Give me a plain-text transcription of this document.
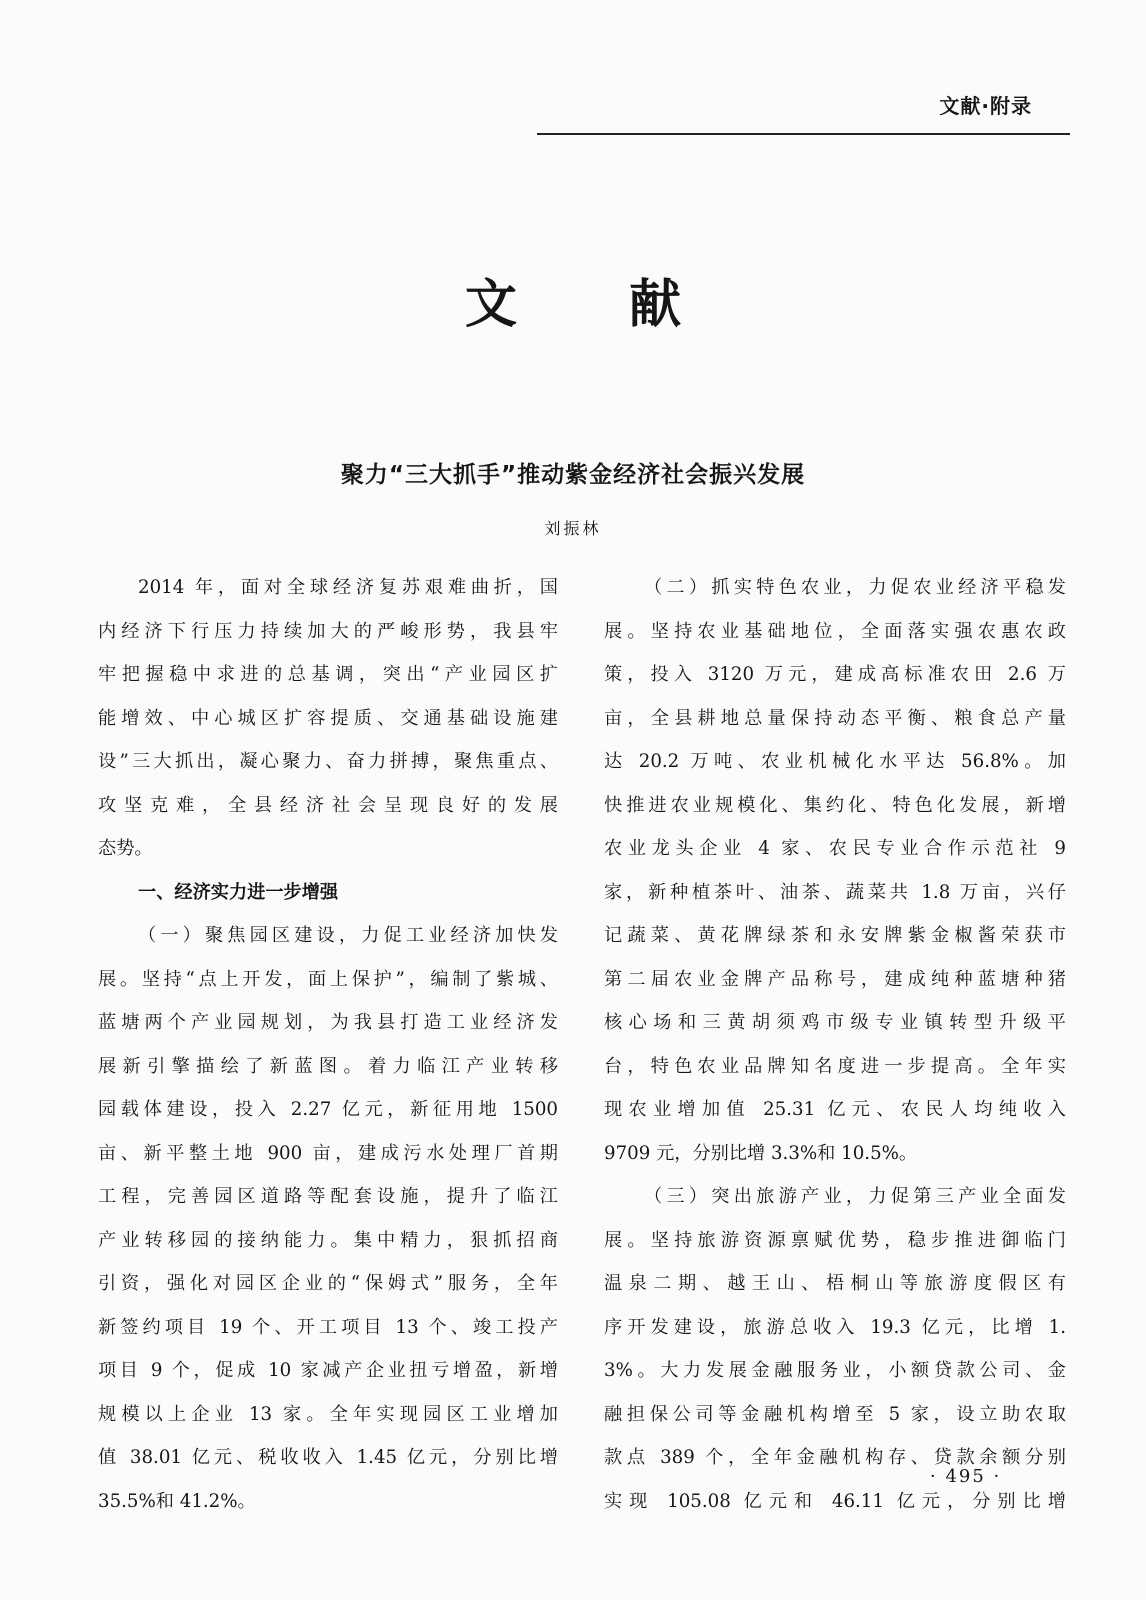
文献·附录
文献
聚力“三大抓手”推动紫金经济社会振兴发展
刘振林

2014 年，面对全球经济复苏艰难曲折，国
内经济下行压力持续加大的严峻形势，我县牢
牢把握稳中求进的总基调，突出“产业园区扩
能增效、中心城区扩容提质、交通基础设施建
设”三大抓出，凝心聚力、奋力拼搏，聚焦重点、
攻坚克难，全县经济社会呈现良好的发展
态势。

一、经济实力进一步增强

（一）聚焦园区建设，力促工业经济加快发
展。坚持“点上开发，面上保护”，编制了紫城、
蓝塘两个产业园规划，为我县打造工业经济发
展新引擎描绘了新蓝图。着力临江产业转移
园载体建设，投入 2.27 亿元，新征用地 1500
亩、新平整土地 900 亩，建成污水处理厂首期
工程，完善园区道路等配套设施，提升了临江
产业转移园的接纳能力。集中精力，狠抓招商
引资，强化对园区企业的“保姆式”服务，全年
新签约项目 19 个、开工项目 13 个、竣工投产
项目 9 个，促成 10 家减产企业扭亏增盈，新增
规模以上企业 13 家。全年实现园区工业增加
值 38.01 亿元、税收收入 1.45 亿元，分别比增
35.5%和 41.2%。

（二）抓实特色农业，力促农业经济平稳发
展。坚持农业基础地位，全面落实强农惠农政
策，投入 3120 万元，建成高标准农田 2.6 万
亩，全县耕地总量保持动态平衡、粮食总产量
达 20.2 万吨、农业机械化水平达 56.8%。加
快推进农业规模化、集约化、特色化发展，新增
农业龙头企业 4 家、农民专业合作示范社 9
家，新种植茶叶、油茶、蔬菜共 1.8 万亩，兴仔
记蔬菜、黄花牌绿茶和永安牌紫金椒酱荣获市
第二届农业金牌产品称号，建成纯种蓝塘种猪
核心场和三黄胡须鸡市级专业镇转型升级平
台，特色农业品牌知名度进一步提高。全年实
现农业增加值 25.31 亿元、农民人均纯收入
9709 元，分别比增 3.3%和 10.5%。

（三）突出旅游产业，力促第三产业全面发
展。坚持旅游资源禀赋优势，稳步推进御临门
温泉二期、越王山、梧桐山等旅游度假区有
序开发建设，旅游总收入 19.3 亿元，比增 1.
3%。大力发展金融服务业，小额贷款公司、金
融担保公司等金融机构增至 5 家，设立助农取
款点 389 个，全年金融机构存、贷款余额分别
实现 105.08 亿元和 46.11 亿元，分别比增

· 495 ·
